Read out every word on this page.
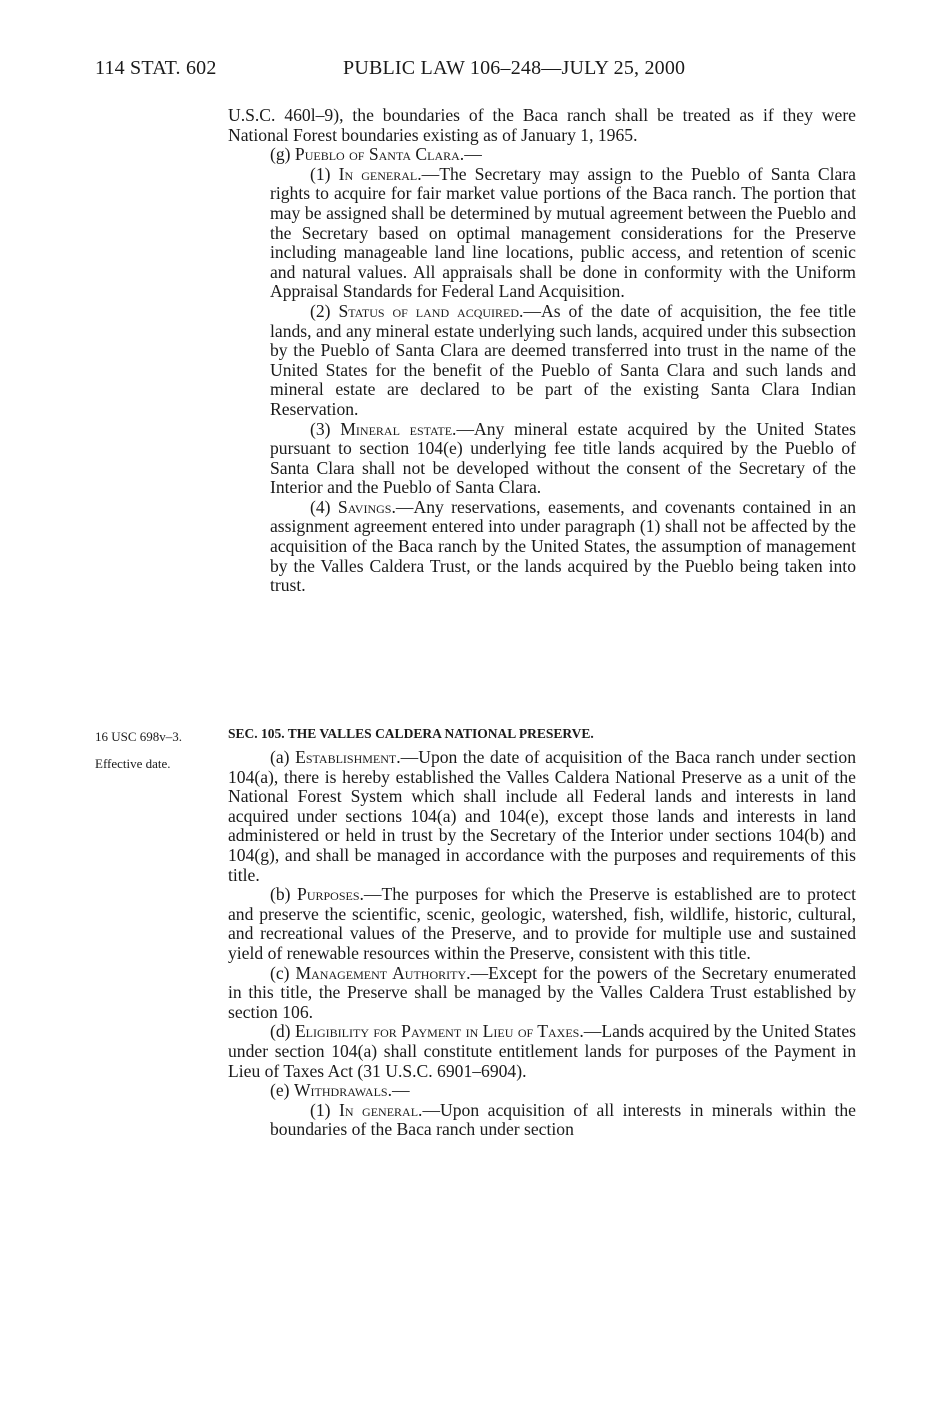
114 STAT. 602	PUBLIC LAW 106–248—JULY 25, 2000

U.S.C. 460l–9), the boundaries of the Baca ranch shall be treated as if they were National Forest boundaries existing as of January 1, 1965.

(g) Pueblo of Santa Clara.—

(1) In general.—The Secretary may assign to the Pueblo of Santa Clara rights to acquire for fair market value portions of the Baca ranch. The portion that may be assigned shall be determined by mutual agreement between the Pueblo and the Secretary based on optimal management considerations for the Preserve including manageable land line locations, public access, and retention of scenic and natural values. All appraisals shall be done in conformity with the Uniform Appraisal Standards for Federal Land Acquisition.

(2) Status of land acquired.—As of the date of acquisition, the fee title lands, and any mineral estate underlying such lands, acquired under this subsection by the Pueblo of Santa Clara are deemed transferred into trust in the name of the United States for the benefit of the Pueblo of Santa Clara and such lands and mineral estate are declared to be part of the existing Santa Clara Indian Reservation.

(3) Mineral estate.—Any mineral estate acquired by the United States pursuant to section 104(e) underlying fee title lands acquired by the Pueblo of Santa Clara shall not be developed without the consent of the Secretary of the Interior and the Pueblo of Santa Clara.

(4) Savings.—Any reservations, easements, and covenants contained in an assignment agreement entered into under paragraph (1) shall not be affected by the acquisition of the Baca ranch by the United States, the assumption of management by the Valles Caldera Trust, or the lands acquired by the Pueblo being taken into trust.

16 USC 698v–3.
Effective date.
SEC. 105. THE VALLES CALDERA NATIONAL PRESERVE.

(a) Establishment.—Upon the date of acquisition of the Baca ranch under section 104(a), there is hereby established the Valles Caldera National Preserve as a unit of the National Forest System which shall include all Federal lands and interests in land acquired under sections 104(a) and 104(e), except those lands and interests in land administered or held in trust by the Secretary of the Interior under sections 104(b) and 104(g), and shall be managed in accordance with the purposes and requirements of this title.

(b) Purposes.—The purposes for which the Preserve is established are to protect and preserve the scientific, scenic, geologic, watershed, fish, wildlife, historic, cultural, and recreational values of the Preserve, and to provide for multiple use and sustained yield of renewable resources within the Preserve, consistent with this title.

(c) Management Authority.—Except for the powers of the Secretary enumerated in this title, the Preserve shall be managed by the Valles Caldera Trust established by section 106.

(d) Eligibility for Payment in Lieu of Taxes.—Lands acquired by the United States under section 104(a) shall constitute entitlement lands for purposes of the Payment in Lieu of Taxes Act (31 U.S.C. 6901–6904).

(e) Withdrawals.—

(1) In general.—Upon acquisition of all interests in minerals within the boundaries of the Baca ranch under section
